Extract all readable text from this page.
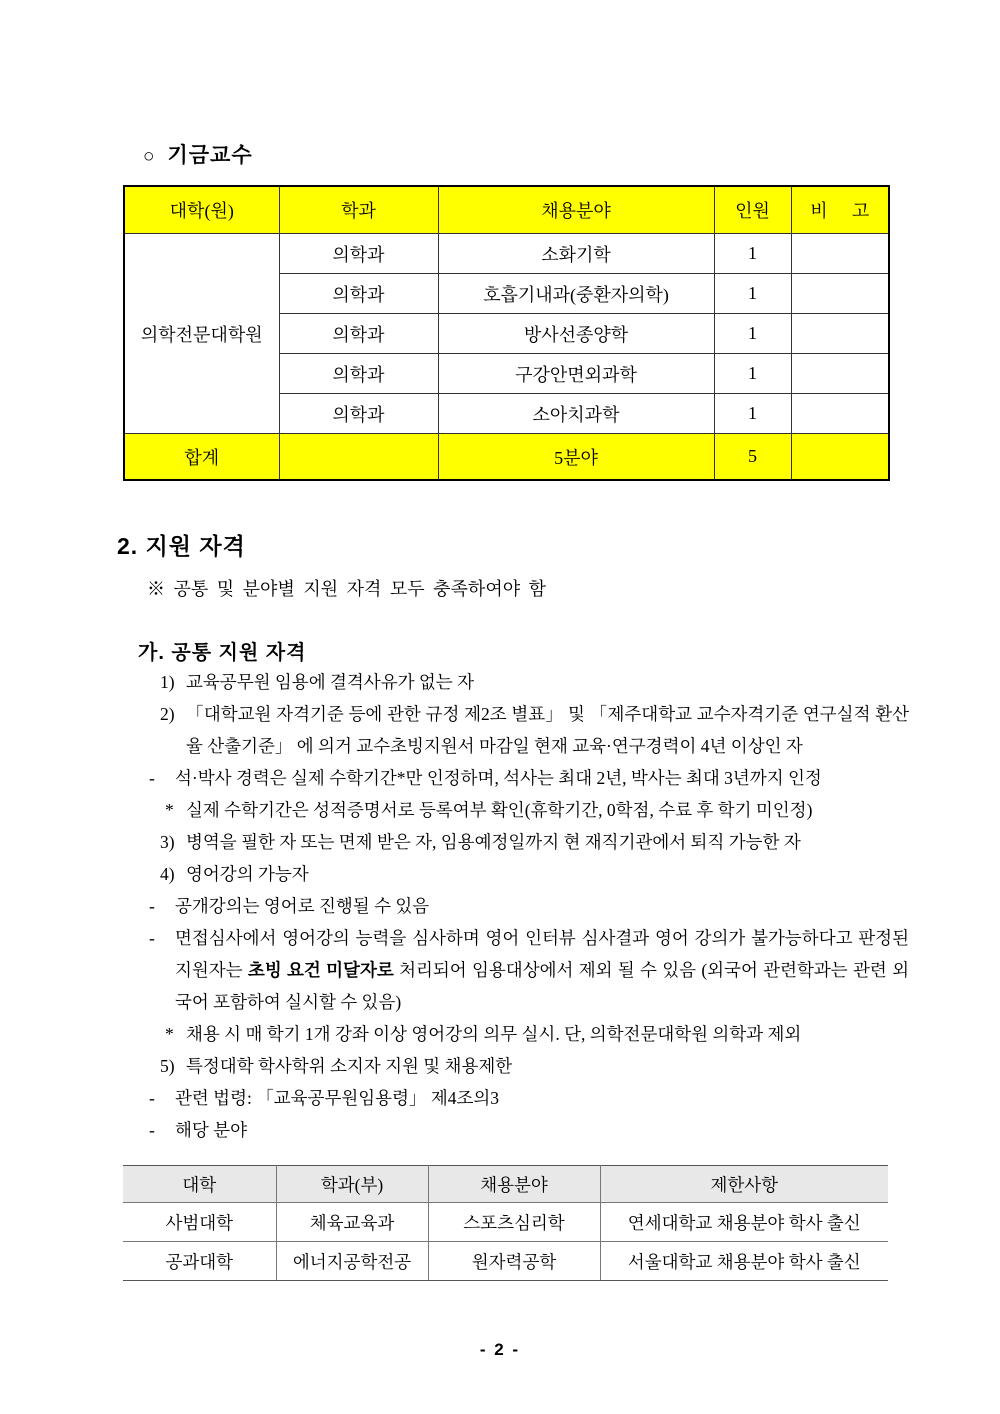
○ 기금교수
대학(원)	학과	채용분야	인원	비 고
의학전문대학원	의학과	소화기학	1	
	의학과	호흡기내과(중환자의학)	1	
	의학과	방사선종양학	1	
	의학과	구강안면외과학	1	
	의학과	소아치과학	1	
합계		5분야	5	
2. 지원 자격
※ 공통 및 분야별 지원 자격 모두 충족하여야 함
가. 공통 지원 자격
1) 교육공무원 임용에 결격사유가 없는 자
2) 「대학교원 자격기준 등에 관한 규정 제2조 별표」 및 「제주대학교 교수자격기준 연구실적 환산율 산출기준」 에 의거 교수초빙지원서 마감일 현재 교육·연구경력이 4년 이상인 자
-	석·박사 경력은 실제 수학기간*만 인정하며, 석사는 최대 2년, 박사는 최대 3년까지 인정
* 실제 수학기간은 성적증명서로 등록여부 확인(휴학기간, 0학점, 수료 후 학기 미인정)
3) 병역을 필한 자 또는 면제 받은 자, 임용예정일까지 현 재직기관에서 퇴직 가능한 자
4) 영어강의 가능자
-	공개강의는 영어로 진행될 수 있음
-	면접심사에서 영어강의 능력을 심사하며 영어 인터뷰 심사결과 영어 강의가 불가능하다고 판정된 지원자는 초빙 요건 미달자로 처리되어 임용대상에서 제외 될 수 있음 (외국어 관련학과는 관련 외국어 포함하여 실시할 수 있음)
* 채용 시 매 학기 1개 강좌 이상 영어강의 의무 실시. 단, 의학전문대학원 의학과 제외
5) 특정대학 학사학위 소지자 지원 및 채용제한
-	관련 법령: 「교육공무원임용령」 제4조의3
-	해당 분야
대학	학과(부)	채용분야	제한사항
사범대학	체육교육과	스포츠심리학	연세대학교 채용분야 학사 출신
공과대학	에너지공학전공	원자력공학	서울대학교 채용분야 학사 출신
- 2 -
